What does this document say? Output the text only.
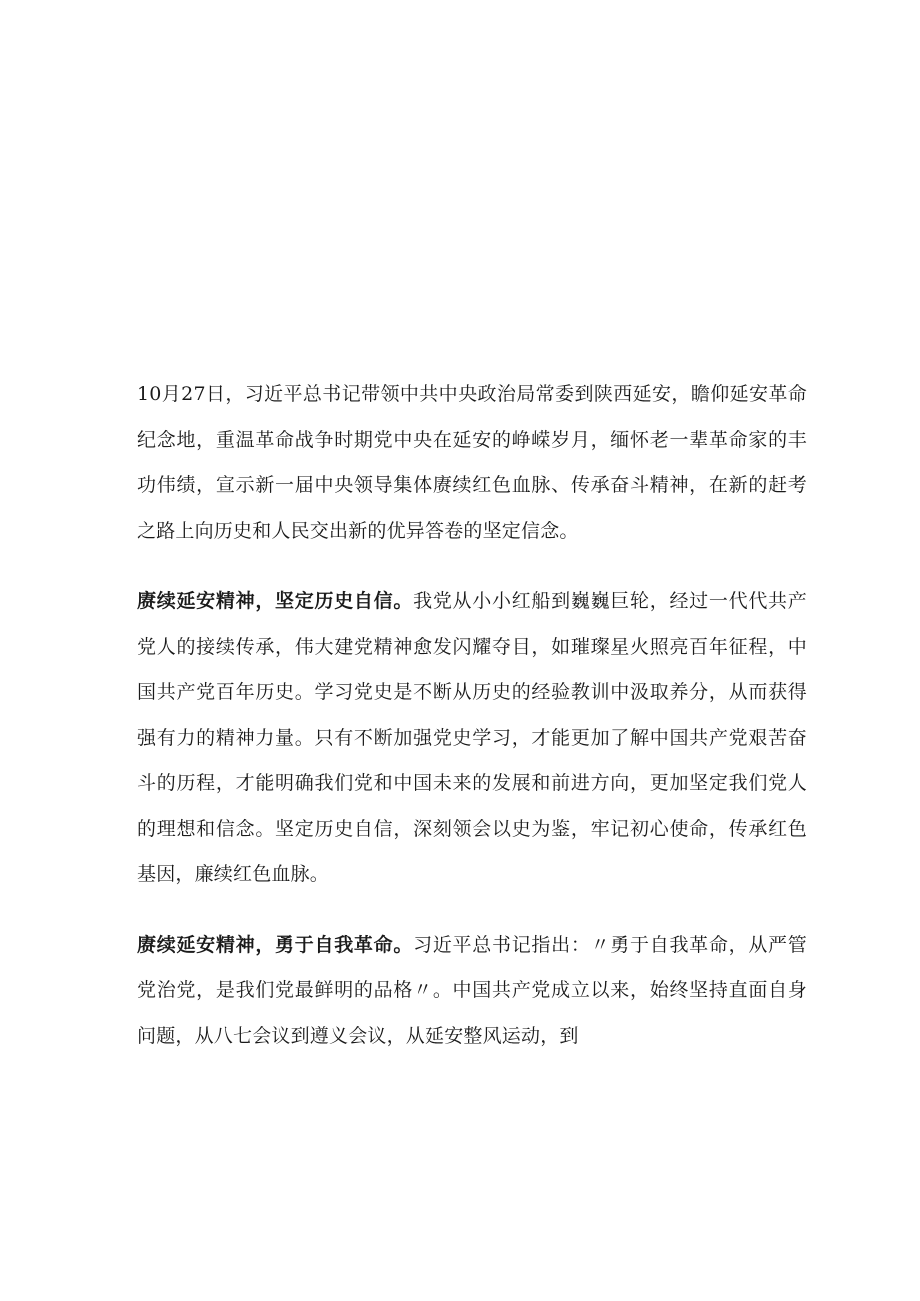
10月27日，习近平总书记带领中共中央政治局常委到陕西延安，瞻仰延安革命纪念地，重温革命战争时期党中央在延安的峥嵘岁月，缅怀老一辈革命家的丰功伟绩，宣示新一届中央领导集体赓续红色血脉、传承奋斗精神，在新的赶考之路上向历史和人民交出新的优异答卷的坚定信念。

赓续延安精神，坚定历史自信。我党从小小红船到巍巍巨轮，经过一代代共产党人的接续传承，伟大建党精神愈发闪耀夺目，如璀璨星火照亮百年征程，中国共产党百年历史。学习党史是不断从历史的经验教训中汲取养分，从而获得强有力的精神力量。只有不断加强党史学习，才能更加了解中国共产党艰苦奋斗的历程，才能明确我们党和中国未来的发展和前进方向，更加坚定我们党人的理想和信念。坚定历史自信，深刻领会以史为鉴，牢记初心使命，传承红色基因，廉续红色血脉。

赓续延安精神，勇于自我革命。习近平总书记指出：〃勇于自我革命，从严管党治党，是我们党最鲜明的品格〃。中国共产党成立以来，始终坚持直面自身问题，从八七会议到遵义会议，从延安整风运动，到
